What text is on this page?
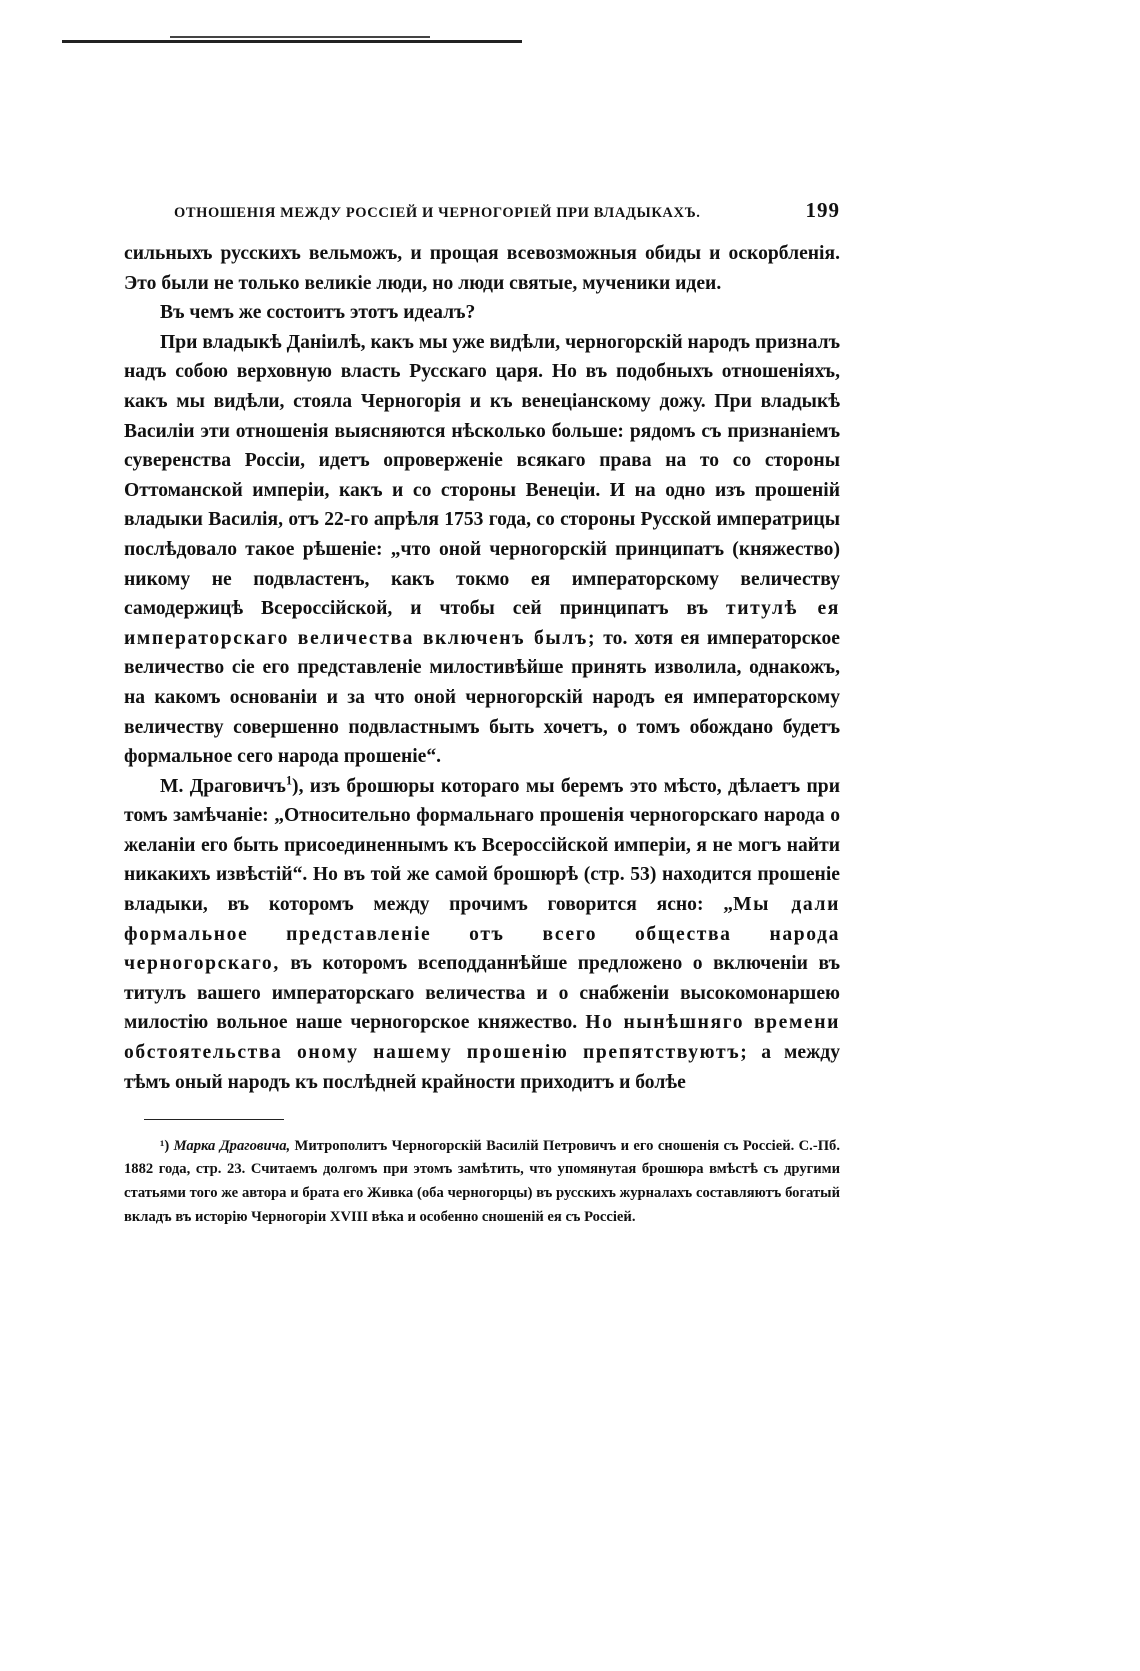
ОТНОШЕНІЯ МЕЖДУ РОССІЕЙ И ЧЕРНОГОРІЕЙ ПРИ ВЛАДЫКАХЪ.	199

сильныхъ русскихъ вельможъ, и прощая всевозможныя обиды и оскорбленія. Это были не только великіе люди, но люди святые, мученики идеи.

Въ чемъ же состоитъ этотъ идеалъ?

При владыкѣ Даніилѣ, какъ мы уже видѣли, черногорскій народъ призналъ надъ собою верховную власть Русскаго царя. Но въ подобныхъ отношеніяхъ, какъ мы видѣли, стояла Черногорія и къ венеціанскому дожу. При владыкѣ Василіи эти отношенія выясняются нѣсколько больше: рядомъ съ признаніемъ суверенства Россіи, идетъ опроверженіе всякаго права на то со стороны Оттоманской имперіи, какъ и со стороны Венеціи. И на одно изъ прошеній владыки Василія, отъ 22-го апрѣля 1753 года, со стороны Русской императрицы послѣдовало такое рѣшеніе: „что оной черногорскій принципатъ (княжество) никому не подвластенъ, какъ токмо ея императорскому величеству самодержицѣ Всероссійской, и чтобы сей принципатъ въ титулѣ ея императорскаго величества включенъ былъ; то. хотя ея императорское величество сіе его представленіе милостивѣйше принять изволила, однакожъ, на какомъ основаніи и за что оной черногорскій народъ ея императорскому величеству совершенно подвластнымъ быть хочетъ, о томъ обождано будетъ формальное сего народа прошеніе“.

М. Драговичъ$^1$), изъ брошюры котораго мы беремъ это мѣсто, дѣлаетъ при томъ замѣчаніе: „Относительно формальнаго прошенія черногорскаго народа о желаніи его быть присоединеннымъ къ Всероссійской имперіи, я не могъ найти никакихъ извѣстій“. Но въ той же самой брошюрѣ (стр. 53) находится прошеніе владыки, въ которомъ между прочимъ говорится ясно: „Мы дали формальное представленіе отъ всего общества народа черногорскаго, въ которомъ всеподданнѣйше предложено о включеніи въ титулъ вашего императорскаго величества и о снабженіи высокомонаршею милостію вольное наше черногорское княжество. Но нынѣшняго времени обстоятельства оному нашему прошенію препятствуютъ; а между тѣмъ оный народъ къ послѣдней крайности приходитъ и болѣе

¹) Марка Драговича, Митрополитъ Черногорскій Василій Петровичъ и его сношенія съ Россіей. С.-Пб. 1882 года, стр. 23. Считаемъ долгомъ при этомъ замѣтить, что упомянутая брошюра вмѣстѣ съ другими статьями того же автора и брата его Живка (оба черногорцы) въ русскихъ журналахъ составляютъ богатый вкладъ въ исторію Черногоріи XVIII вѣка и особенно сношеній ея съ Россіей.
